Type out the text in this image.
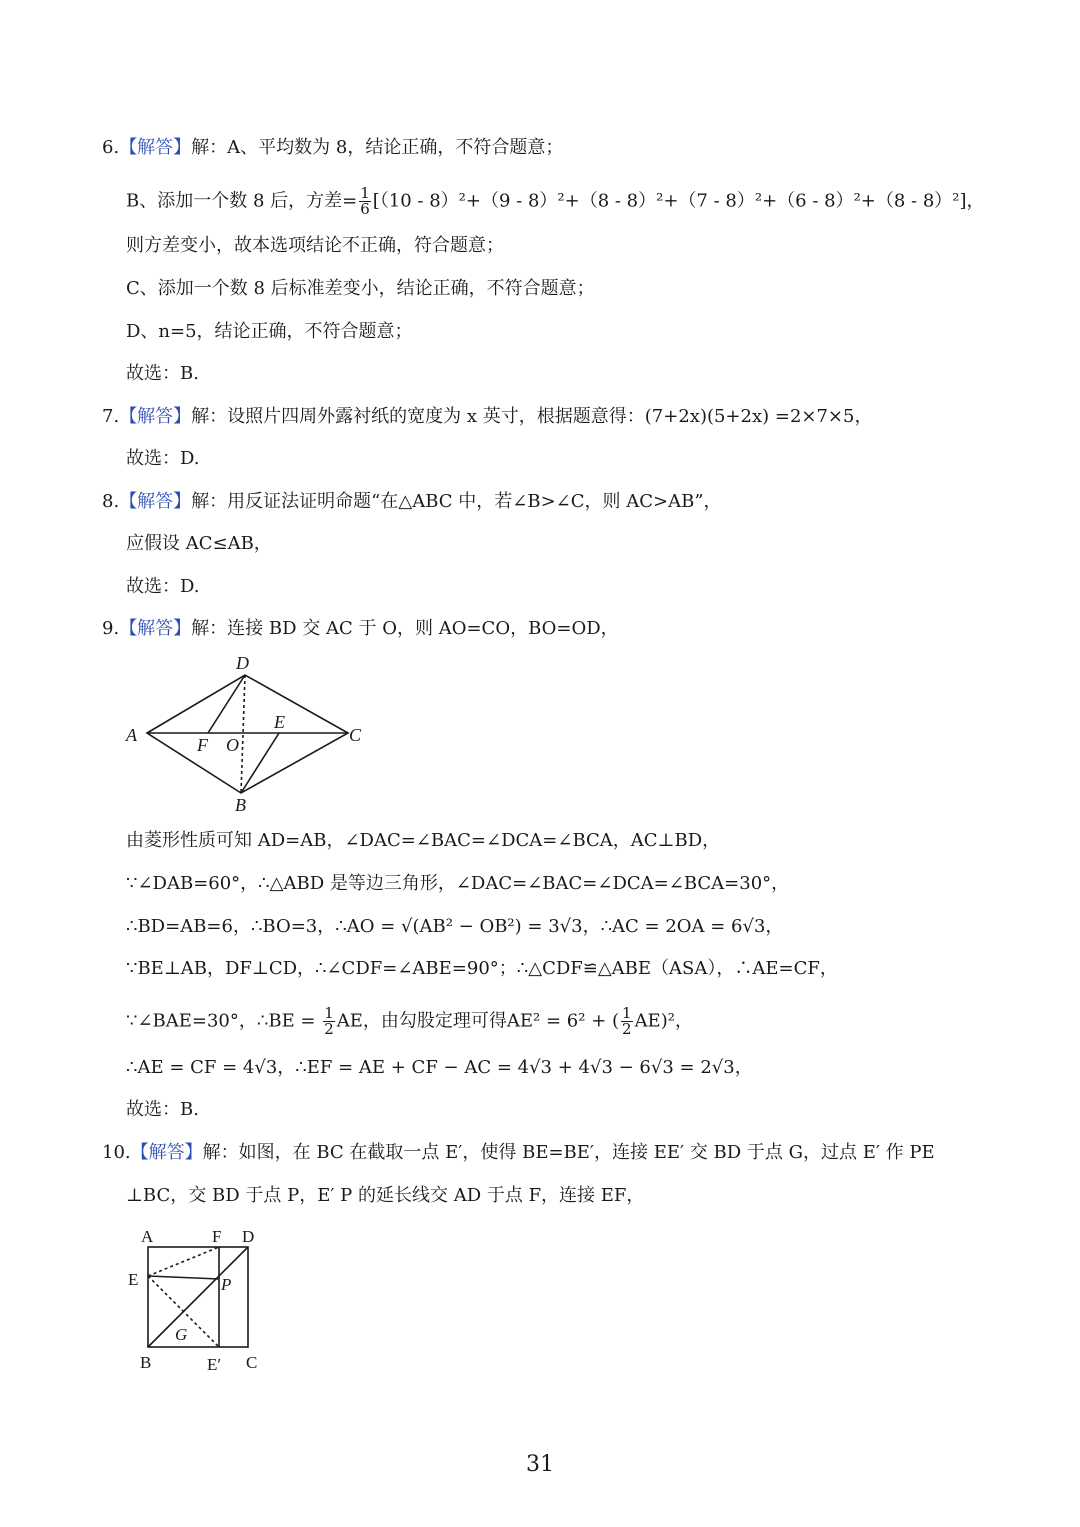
6.【解答】解：A、平均数为 8，结论正确，不符合题意；
B、添加一个数 8 后，方差= $\frac{1}{6} [(10 - 8)^2+(9 - 8)^2+(8 - 8)^2+(7 - 8)^2+(6 - 8)^2+(8 - 8)^2]$，
则方差变小，故本选项结论不正确，符合题意；
C、添加一个数 8 后标准差变小，结论正确，不符合题意；
D、n=5，结论正确，不符合题意；
故选：B.
7.【解答】解：设照片四周外露衬纸的宽度为 x 英寸，根据题意得：(7+2x)(5+2x) =2×7×5，
故选：D.
8.【解答】解：用反证法证明命题“在△ABC 中，若∠B>∠C，则 AC>AB”，
应假设 AC≤AB，
故选：D.
9.【解答】解：连接 BD 交 AC 于 O，则 AO=CO，BO=OD，
D
A	C
B
E
F O
由菱形性质可知 AD=AB，∠DAC=∠BAC=∠DCA=∠BCA，AC⊥BD，
∵∠DAB=60°，∴△ABD 是等边三角形，∠DAC=∠BAC=∠DCA=∠BCA=30°，
∴BD=AB=6，∴BO=3，∴AO = √(AB² − OB²) = 3√3，∴AC = 2OA = 6√3，
∵BE⊥AB，DF⊥CD，∴∠CDF=∠ABE=90°；∴△CDF≌△ABE（ASA），∴AE=CF，
∵∠BAE=30°，∴BE = $\frac{1}{2}$ AE，由勾股定理可得AE² = 6² + ( $\frac{1}{2} AE)^2$，
∴AE = CF = 4√3，∴EF = AE + CF − AC = 4√3 + 4√3 − 6√3 = 2√3，
故选：B.
10.【解答】解：如图，在 BC 在截取一点 E′，使得 BE=BE′，连接 EE′ 交 BD 于点 G，过点 E′ 作 PE
⊥BC，交 BD 于点 P，E′ P 的延长线交 AD 于点 F，连接 EF，
A	F D
E	P
G
B	E′ C
31
